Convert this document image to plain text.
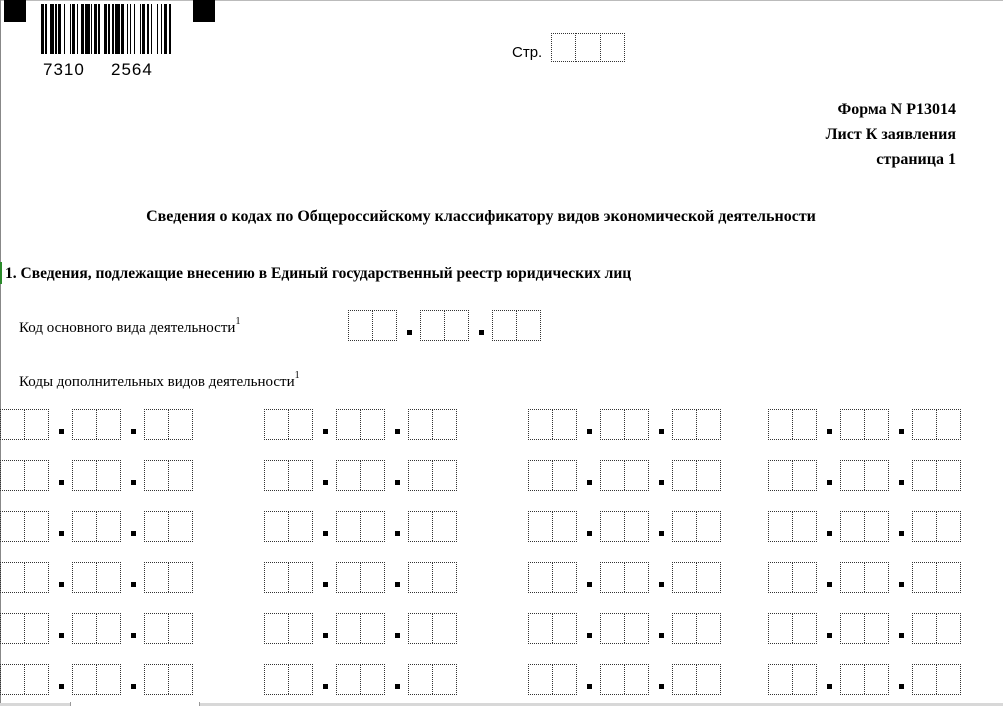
7310 2564
Стр.
Форма N Р13014
Лист К заявления
страница 1
Сведения о кодах по Общероссийскому классификатору видов экономической деятельности
1. Сведения, подлежащие внесению в Единый государственный реестр юридических лиц
Код основного вида деятельности$^1$
Коды дополнительных видов деятельности$^1$
